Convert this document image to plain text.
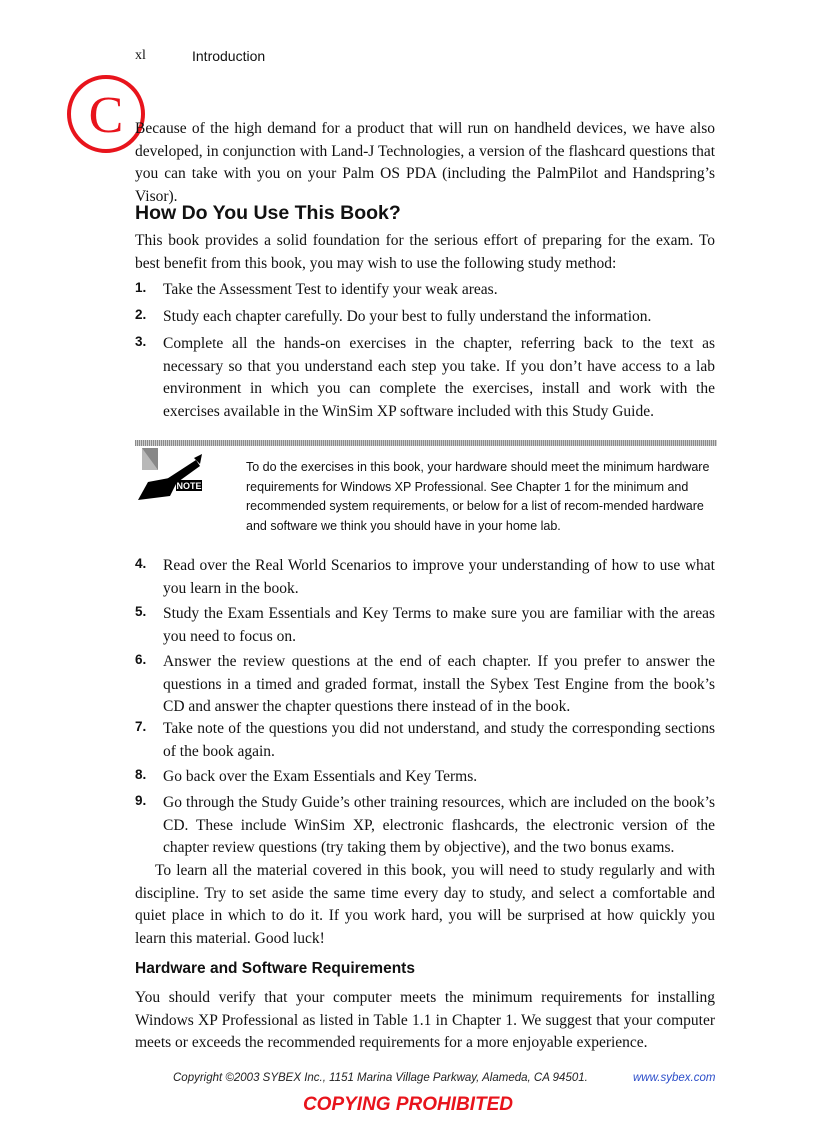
xl	Introduction
C Because of the high demand for a product that will run on handheld devices, we have also developed, in conjunction with Land-J Technologies, a version of the flashcard questions that you can take with you on your Palm OS PDA (including the PalmPilot and Handspring’s Visor).

How Do You Use This Book?

This book provides a solid foundation for the serious effort of preparing for the exam. To best benefit from this book, you may wish to use the following study method:

1. Take the Assessment Test to identify your weak areas.
2. Study each chapter carefully. Do your best to fully understand the information.
3. Complete all the hands-on exercises in the chapter, referring back to the text as necessary so that you understand each step you take. If you don’t have access to a lab environment in which you can complete the exercises, install and work with the exercises available in the WinSim XP software included with this Study Guide.
NOTE

To do the exercises in this book, your hardware should meet the minimum hardware requirements for Windows XP Professional. See Chapter 1 for the minimum and recommended system requirements, or below for a list of recom-mended hardware and software we think you should have in your home lab.

4. Read over the Real World Scenarios to improve your understanding of how to use what you learn in the book.
5. Study the Exam Essentials and Key Terms to make sure you are familiar with the areas you need to focus on.
6. Answer the review questions at the end of each chapter. If you prefer to answer the questions in a timed and graded format, install the Sybex Test Engine from the book’s CD and answer the chapter questions there instead of in the book.
7. Take note of the questions you did not understand, and study the corresponding sections of the book again.
8. Go back over the Exam Essentials and Key Terms.
9. Go through the Study Guide’s other training resources, which are included on the book’s CD. These include WinSim XP, electronic flashcards, the electronic version of the chapter review questions (try taking them by objective), and the two bonus exams.

To learn all the material covered in this book, you will need to study regularly and with discipline. Try to set aside the same time every day to study, and select a comfortable and quiet place in which to do it. If you work hard, you will be surprised at how quickly you learn this material. Good luck!

Hardware and Software Requirements

You should verify that your computer meets the minimum requirements for installing Windows XP Professional as listed in Table 1.1 in Chapter 1. We suggest that your computer meets or exceeds the recommended requirements for a more enjoyable experience.

Copyright ©2003 SYBEX Inc., 1151 Marina Village Parkway, Alameda, CA 94501.	www.sybex.com
COPYING PROHIBITED
